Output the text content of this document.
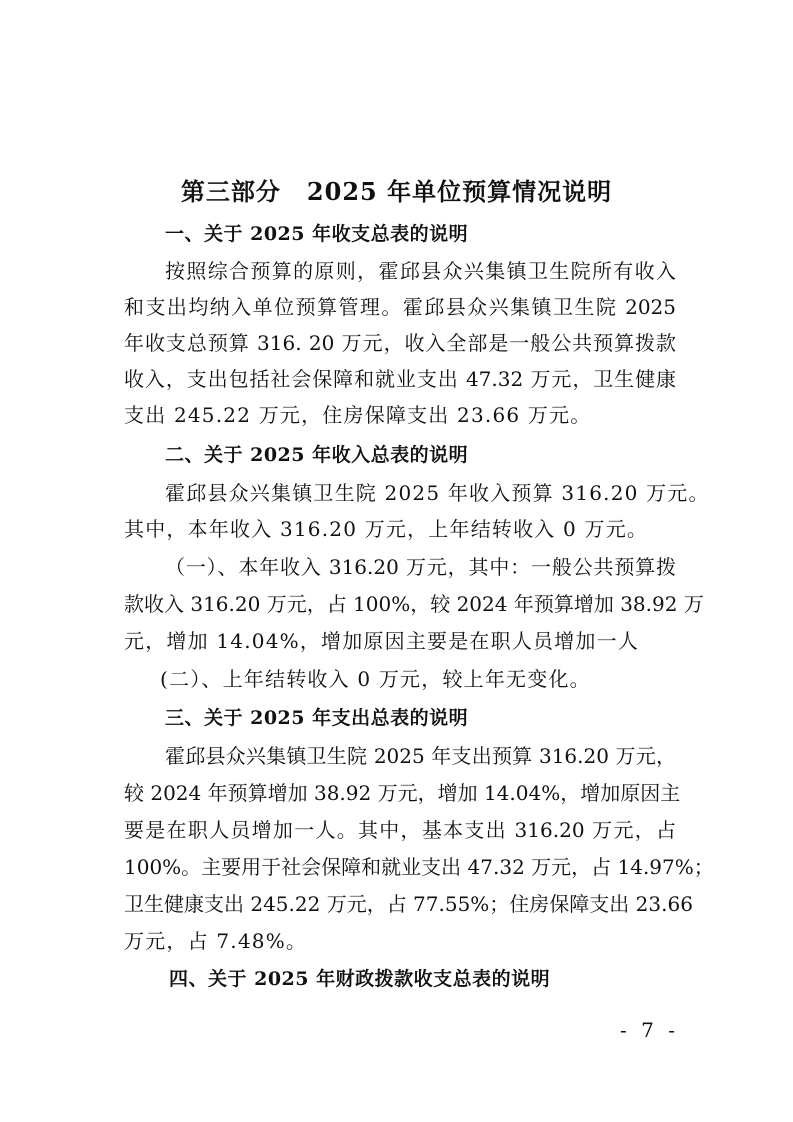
第三部分 2025 年单位预算情况说明
一、关于 2025 年收支总表的说明
按照综合预算的原则，霍邱县众兴集镇卫生院所有收入
和支出均纳入单位预算管理。霍邱县众兴集镇卫生院 2025
年收支总预算 316. 20 万元，收入全部是一般公共预算拨款
收入，支出包括社会保障和就业支出 47.32 万元，卫生健康
支出 245.22 万元，住房保障支出 23.66 万元。
二、关于 2025 年收入总表的说明
霍邱县众兴集镇卫生院 2025 年收入预算 316.20 万元。
其中，本年收入 316.20 万元，上年结转收入 0 万元。
（一）、本年收入 316.20 万元，其中：一般公共预算拨
款收入 316.20 万元，占 100%，较 2024 年预算增加 38.92 万
元，增加 14.04%，增加原因主要是在职人员增加一人
(二）、上年结转收入 0 万元，较上年无变化。
三、关于 2025 年支出总表的说明
霍邱县众兴集镇卫生院 2025 年支出预算 316.20 万元，
较 2024 年预算增加 38.92 万元，增加 14.04%，增加原因主
要是在职人员增加一人。其中，基本支出 316.20 万元，占
100%。主要用于社会保障和就业支出 47.32 万元，占 14.97%；
卫生健康支出 245.22 万元，占 77.55%；住房保障支出 23.66
万元，占 7.48%。
四、关于 2025 年财政拨款收支总表的说明
- 7 -
